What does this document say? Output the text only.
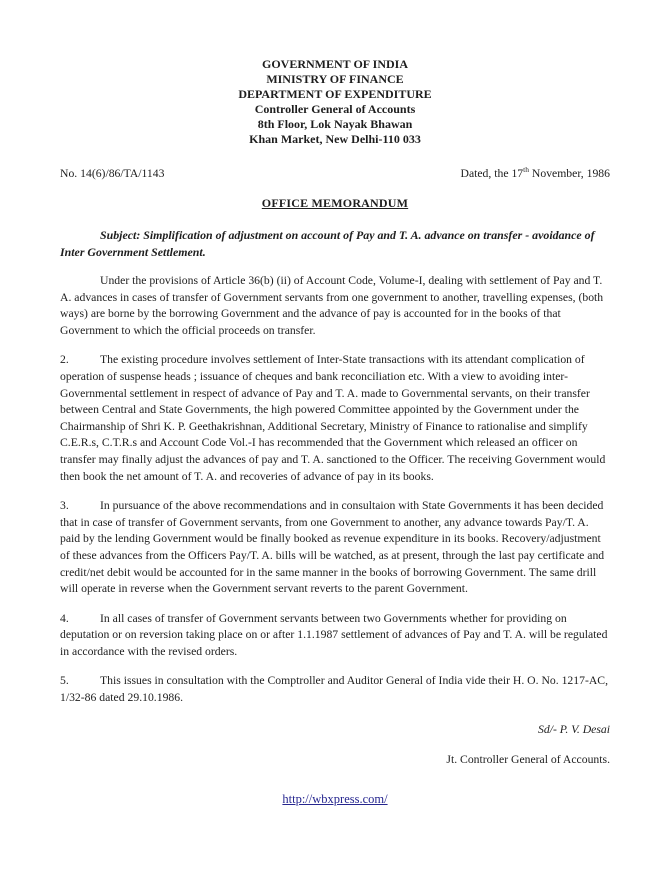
GOVERNMENT OF INDIA
MINISTRY OF FINANCE
DEPARTMENT OF EXPENDITURE
Controller General of Accounts
8th Floor, Lok Nayak Bhawan
Khan Market, New Delhi-110 033
No. 14(6)/86/TA/1143	Dated, the 17th November, 1986
OFFICE MEMORANDUM

Subject: Simplification of adjustment on account of Pay and T. A. advance on transfer - avoidance of Inter Government Settlement.

Under the provisions of Article 36(b) (ii) of Account Code, Volume-I, dealing with settlement of Pay and T. A. advances in cases of transfer of Government servants from one government to another, travelling expenses, (both ways) are borne by the borrowing Government and the advance of pay is accounted for in the books of that Government to which the official proceeds on transfer.

2.	The existing procedure involves settlement of Inter-State transactions with its attendant complication of operation of suspense heads ; issuance of cheques and bank reconciliation etc. With a view to avoiding inter-Governmental settlement in respect of advance of Pay and T. A. made to Governmental servants, on their transfer between Central and State Governments, the high powered Committee appointed by the Government under the Chairmanship of Shri K. P. Geethakrishnan, Additional Secretary, Ministry of Finance to rationalise and simplify C.E.R.s, C.T.R.s and Account Code Vol.-I has recommended that the Government which released an officer on transfer may finally adjust the advances of pay and T. A. sanctioned to the Officer. The receiving Government would then book the net amount of T. A. and recoveries of advance of pay in its books.

3.	In pursuance of the above recommendations and in consultaion with State Governments it has been decided that in case of transfer of Government servants, from one Government to another, any advance towards Pay/T. A. paid by the lending Government would be finally booked as revenue expenditure in its books. Recovery/adjustment of these advances from the Officers Pay/T. A. bills will be watched, as at present, through the last pay certificate and credit/net debit would be accounted for in the same manner in the books of borrowing Government. The same drill will operate in reverse when the Government servant reverts to the parent Government.

4.	In all cases of transfer of Government servants between two Governments whether for providing on deputation or on reversion taking place on or after 1.1.1987 settlement of advances of Pay and T. A. will be regulated in accordance with the revised orders.

5.	This issues in consultation with the Comptroller and Auditor General of India vide their H. O. No. 1217-AC, 1/32-86 dated 29.10.1986.

Sd/- P. V. Desai
Jt. Controller General of Accounts.
http://wbxpress.com/
